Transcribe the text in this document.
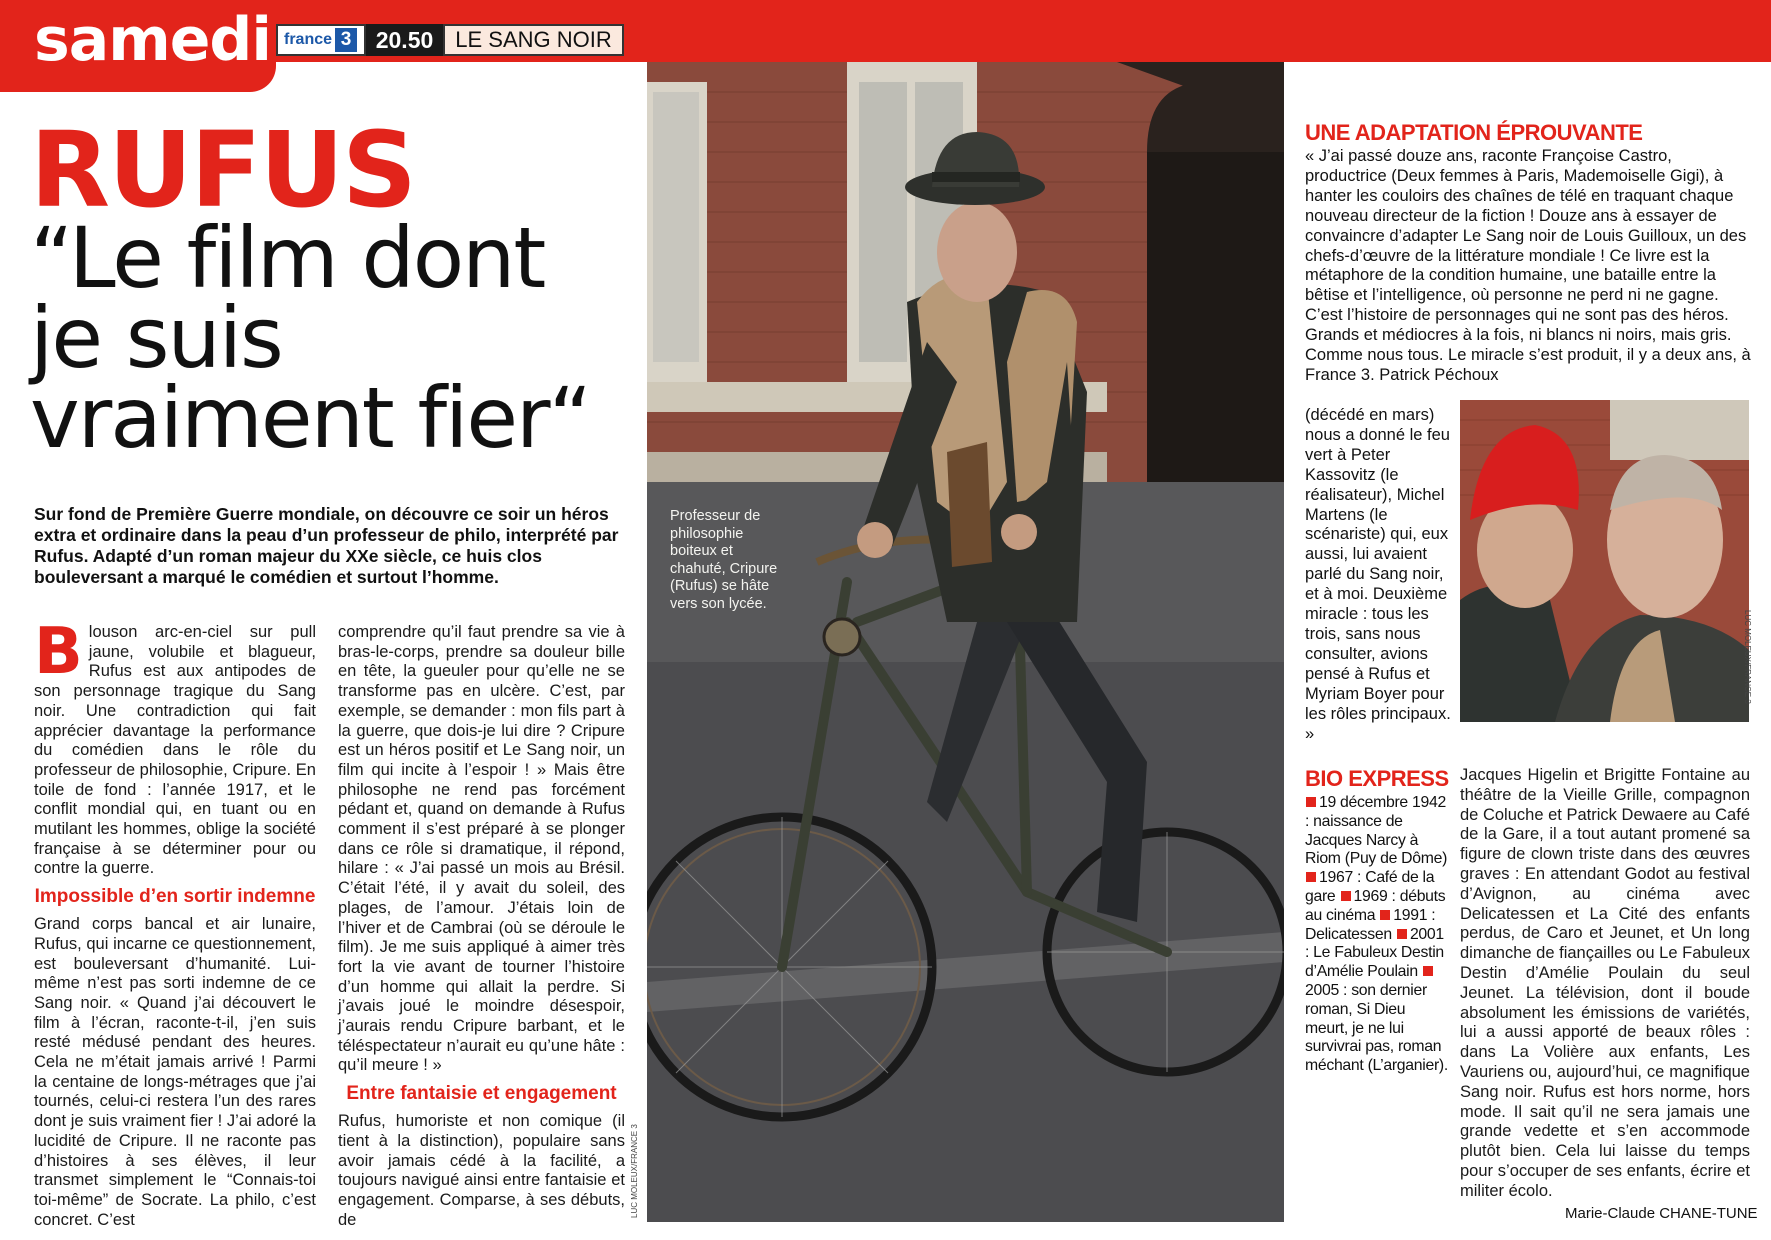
samedi france 3	20.50 LE SANG NOIR
RUFUS
“Le film dont
je suis
vraiment fier“
Sur fond de Première Guerre mondiale, on découvre ce soir un héros extra et ordinaire dans la peau d’un professeur de philo, interprété par Rufus. Adapté d’un roman majeur du XXe siècle, ce huis clos bouleversant a marqué le comédien et surtout l’homme.

Blouson arc-en-ciel sur pull jaune, volubile et blagueur, Rufus est aux antipodes de son personnage tragique du Sang noir. Une contradiction qui fait apprécier davantage la performance du comédien dans le rôle du professeur de philosophie, Cripure. En toile de fond : l’année 1917, et le conflit mondial qui, en tuant ou en mutilant les hommes, oblige la société française à se déterminer pour ou contre la guerre.

Impossible d’en sortir indemne

Grand corps bancal et air lunaire, Rufus, qui incarne ce questionnement, est bouleversant d’humanité. Lui-même n’est pas sorti indemne de ce Sang noir. « Quand j’ai découvert le film à l’écran, raconte-t-il, j’en suis resté médusé pendant des heures. Cela ne m’était jamais arrivé ! Parmi la centaine de longs-métrages que j’ai tournés, celui-ci restera l’un des rares dont je suis vraiment fier ! J’ai adoré la lucidité de Cripure. Il ne raconte pas d’histoires à ses élèves, il leur transmet simplement le “Connais-toi toi-même” de Socrate. La philo, c’est concret. C’est

comprendre qu’il faut prendre sa vie à bras-le-corps, prendre sa douleur bille en tête, la gueuler pour qu’elle ne se transforme pas en ulcère. C’est, par exemple, se demander : mon fils part à la guerre, que dois-je lui dire ? Cripure est un héros positif et Le Sang noir, un film qui incite à l’espoir ! » Mais être philosophe ne rend pas forcément pédant et, quand on demande à Rufus comment il s’est préparé à se plonger dans ce rôle si dramatique, il répond, hilare : « J’ai passé un mois au Brésil. C’était l’été, il y avait du soleil, des plages, de l’amour. J’étais loin de l’hiver et de Cambrai (où se déroule le film). Je me suis appliqué à aimer très fort la vie avant de tourner l’histoire d’un homme qui allait la perdre. Si j’avais joué le moindre désespoir, j’aurais rendu Cripure barbant, et le téléspectateur n’aurait eu qu’une hâte : qu’il meure ! »

Entre fantaisie et engagement

Rufus, humoriste et non comique (il tient à la distinction), populaire sans avoir jamais cédé à la facilité, a toujours navigué ainsi entre fantaisie et engagement. Comparse, à ses débuts, de

Professeur de philosophie boiteux et chahuté, Cripure (Rufus) se hâte vers son lycée.
LUC MOLEUX/FRANCE 3
UNE ADAPTATION ÉPROUVANTE
« J’ai passé douze ans, raconte Françoise Castro, productrice (Deux femmes à Paris, Mademoiselle Gigi), à hanter les couloirs des chaînes de télé en traquant chaque nouveau directeur de la fiction ! Douze ans à essayer de convaincre d’adapter Le Sang noir de Louis Guilloux, un des chefs-d’œuvre de la littérature mondiale ! Ce livre est la métaphore de la condition humaine, une bataille entre la bêtise et l’intelligence, où personne ne perd ni ne gagne. C’est l’histoire de personnages qui ne sont pas des héros. Grands et médiocres à la fois, ni blancs ni noirs, mais gris. Comme nous tous. Le miracle s’est produit, il y a deux ans, à France 3. Patrick Péchoux
(décédé en mars) nous a donné le feu vert à Peter Kassovitz (le réalisateur), Michel Martens (le scénariste) qui, eux aussi, lui avaient parlé du Sang noir, et à moi. Deuxième miracle : tous les trois, sans nous consulter, avions pensé à Rufus et Myriam Boyer pour les rôles principaux. »
LUC MOLEUX/FRANCE 3
BIO EXPRESS
19 décembre 1942 : naissance de Jacques Narcy à Riom (Puy de Dôme) 1967 : Café de la gare 1969 : débuts au cinéma 1991 : Delicatessen 2001 : Le Fabuleux Destin d’Amélie Poulain 2005 : son dernier roman, Si Dieu meurt, je ne lui survivrai pas, roman méchant (L’arganier).
Jacques Higelin et Brigitte Fontaine au théâtre de la Vieille Grille, compagnon de Coluche et Patrick Dewaere au Café de la Gare, il a tout autant promené sa figure de clown triste dans des œuvres graves : En attendant Godot au festival d’Avignon, au cinéma avec Delicatessen et La Cité des enfants perdus, de Caro et Jeunet, et Un long dimanche de fiançailles ou Le Fabuleux Destin d’Amélie Poulain du seul Jeunet. La télévision, dont il boude absolument les émissions de variétés, lui a aussi apporté de beaux rôles : dans La Volière aux enfants, Les Vauriens ou, aujourd’hui, ce magnifique Sang noir. Rufus est hors norme, hors mode. Il sait qu’il ne sera jamais une grande vedette et s’en accommode plutôt bien. Cela lui laisse du temps pour s’occuper de ses enfants, écrire et militer écolo.
Marie-Claude CHANE-TUNE
